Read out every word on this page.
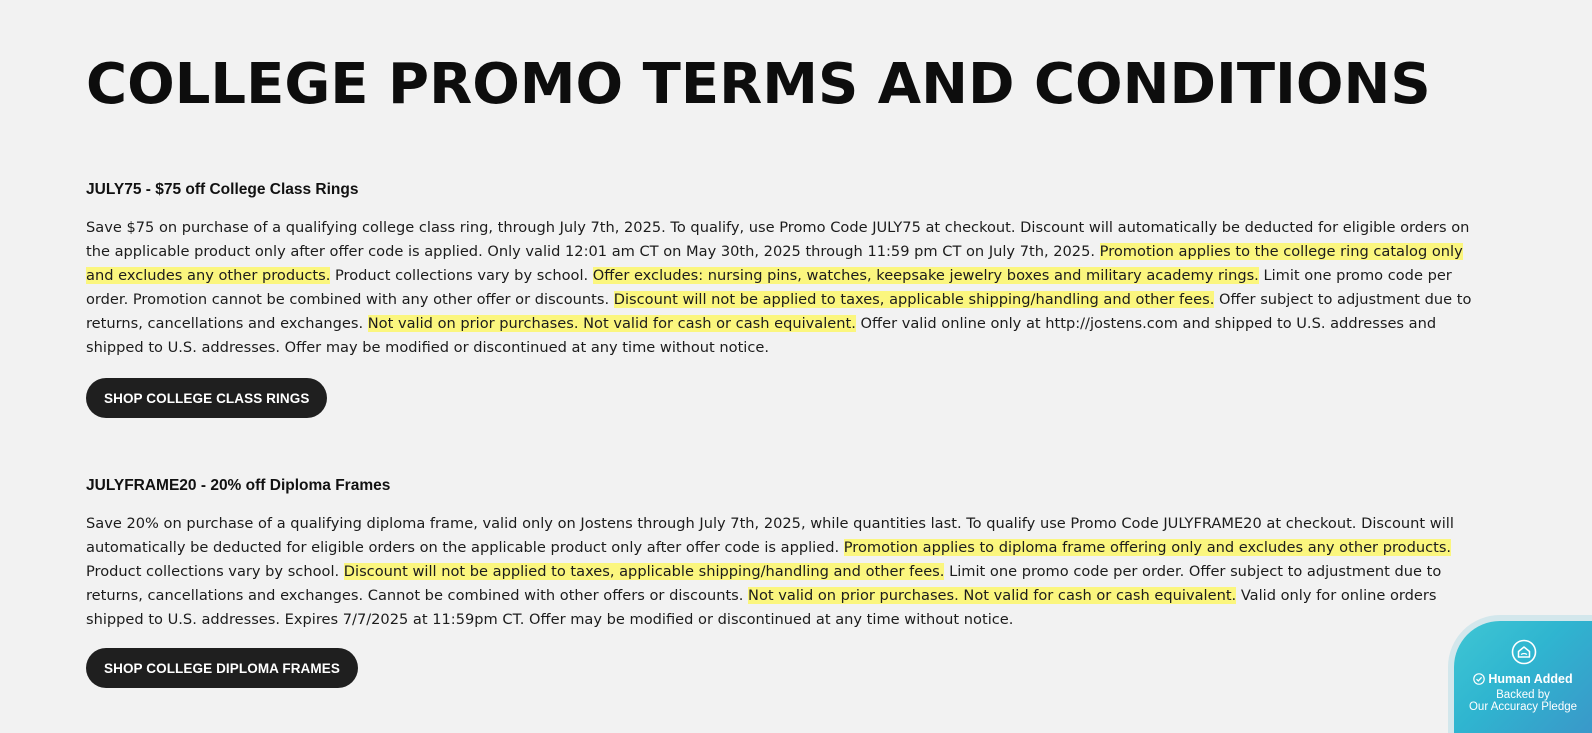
COLLEGE PROMO TERMS AND CONDITIONS
JULY75 - $75 off College Class Rings

Save $75 on purchase of a qualifying college class ring, through July 7th, 2025. To qualify, use Promo Code JULY75 at checkout. Discount will automatically be deducted for eligible orders on the applicable product only after offer code is applied. Only valid 12:01 am CT on May 30th, 2025 through 11:59 pm CT on July 7th, 2025. Promotion applies to the college ring catalog only and excludes any other products. Product collections vary by school. Offer excludes: nursing pins, watches, keepsake jewelry boxes and military academy rings. Limit one promo code per order. Promotion cannot be combined with any other offer or discounts. Discount will not be applied to taxes, applicable shipping/handling and other fees. Offer subject to adjustment due to returns, cancellations and exchanges. Not valid on prior purchases. Not valid for cash or cash equivalent. Offer valid online only at http://jostens.com and shipped to U.S. addresses and shipped to U.S. addresses. Offer may be modified or discontinued at any time without notice.

SHOP COLLEGE CLASS RINGS
JULYFRAME20 - 20% off Diploma Frames

Save 20% on purchase of a qualifying diploma frame, valid only on Jostens through July 7th, 2025, while quantities last. To qualify use Promo Code JULYFRAME20 at checkout. Discount will automatically be deducted for eligible orders on the applicable product only after offer code is applied. Promotion applies to diploma frame offering only and excludes any other products. Product collections vary by school. Discount will not be applied to taxes, applicable shipping/handling and other fees. Limit one promo code per order. Offer subject to adjustment due to returns, cancellations and exchanges. Cannot be combined with other offers or discounts. Not valid on prior purchases. Not valid for cash or cash equivalent. Valid only for online orders shipped to U.S. addresses. Expires 7/7/2025 at 11:59pm CT. Offer may be modified or discontinued at any time without notice.

SHOP COLLEGE DIPLOMA FRAMES
Human Added
Backed by
Our Accuracy Pledge
